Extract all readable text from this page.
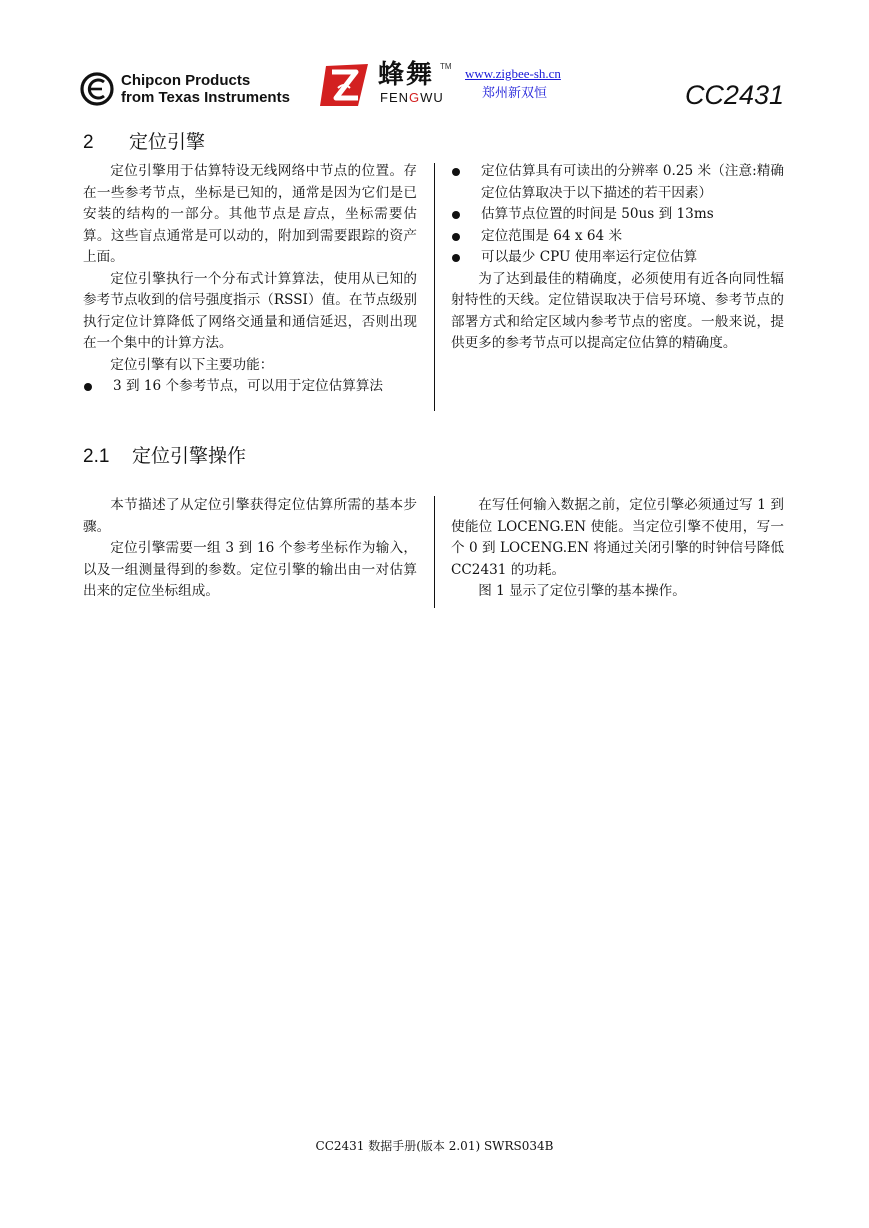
Chipcon Products
from Texas Instruments
蜂舞 TM
FENGWU
www.zigbee-sh.cn
郑州新双恒	CC2431
2 定位引擎

定位引擎用于估算特设无线网络中节点的位置。存在一些参考节点，坐标是已知的，通常是因为它们是已安装的结构的一部分。其他节点是盲点，坐标需要估算。这些盲点通常是可以动的，附加到需要跟踪的资产上面。

定位引擎执行一个分布式计算算法，使用从已知的参考节点收到的信号强度指示（RSSI）值。在节点级别执行定位计算降低了网络交通量和通信延迟，否则出现在一个集中的计算方法。

定位引擎有以下主要功能：

3 到 16 个参考节点，可以用于定位估算算法
定位估算具有可读出的分辨率 0.25 米（注意:精确定位估算取决于以下描述的若干因素）
估算节点位置的时间是 50us 到 13ms
定位范围是 64 x 64 米
可以最少 CPU 使用率运行定位估算

为了达到最佳的精确度，必须使用有近各向同性辐射特性的天线。定位错误取决于信号环境、参考节点的部署方式和给定区域内参考节点的密度。一般来说，提供更多的参考节点可以提高定位估算的精确度。

2.1 定位引擎操作

本节描述了从定位引擎获得定位估算所需的基本步骤。

定位引擎需要一组 3 到 16 个参考坐标作为输入，以及一组测量得到的参数。定位引擎的输出由一对估算出来的定位坐标组成。

在写任何输入数据之前，定位引擎必须通过写 1 到使能位 LOCENG.EN 使能。当定位引擎不使用，写一个 0 到 LOCENG.EN 将通过关闭引擎的时钟信号降低 CC2431 的功耗。

图 1 显示了定位引擎的基本操作。

CC2431 数据手册(版本 2.01) SWRS034B
